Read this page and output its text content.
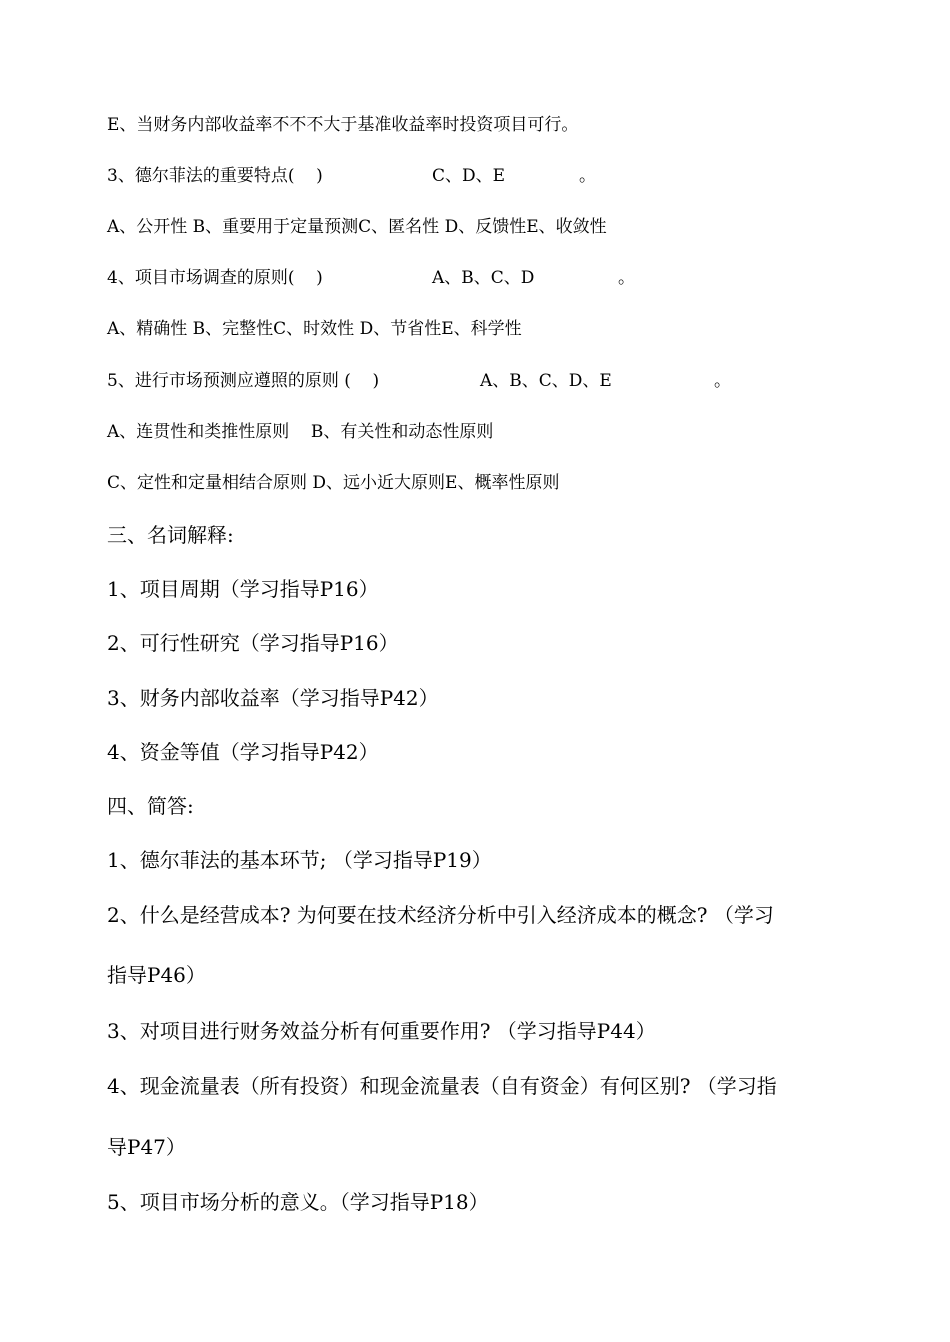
E、当财务内部收益率不不不大于基准收益率时投资项目可行。
3、德尔菲法的重要特点(    )	C、D、E	。
A、公开性 B、重要用于定量预测C、匿名性 D、反馈性E、收敛性
4、项目市场调查的原则(    )	A、B、C、D	。
A、精确性 B、完整性C、时效性 D、节省性E、科学性
5、进行市场预测应遵照的原则 (    )	A、B、C、D、E	。
A、连贯性和类推性原则    B、有关性和动态性原则
C、定性和定量相结合原则 D、远小近大原则E、概率性原则
三、名词解释:
1、项目周期（学习指导P16）
2、可行性研究（学习指导P16）
3、财务内部收益率（学习指导P42）
4、资金等值（学习指导P42）
四、简答:
1、德尔菲法的基本环节; （学习指导P19）
2、什么是经营成本? 为何要在技术经济分析中引入经济成本的概念? （学习
指导P46）
3、对项目进行财务效益分析有何重要作用? （学习指导P44）
4、现金流量表（所有投资）和现金流量表（自有资金）有何区别? （学习指
导P47）
5、项目市场分析的意义。（学习指导P18）
